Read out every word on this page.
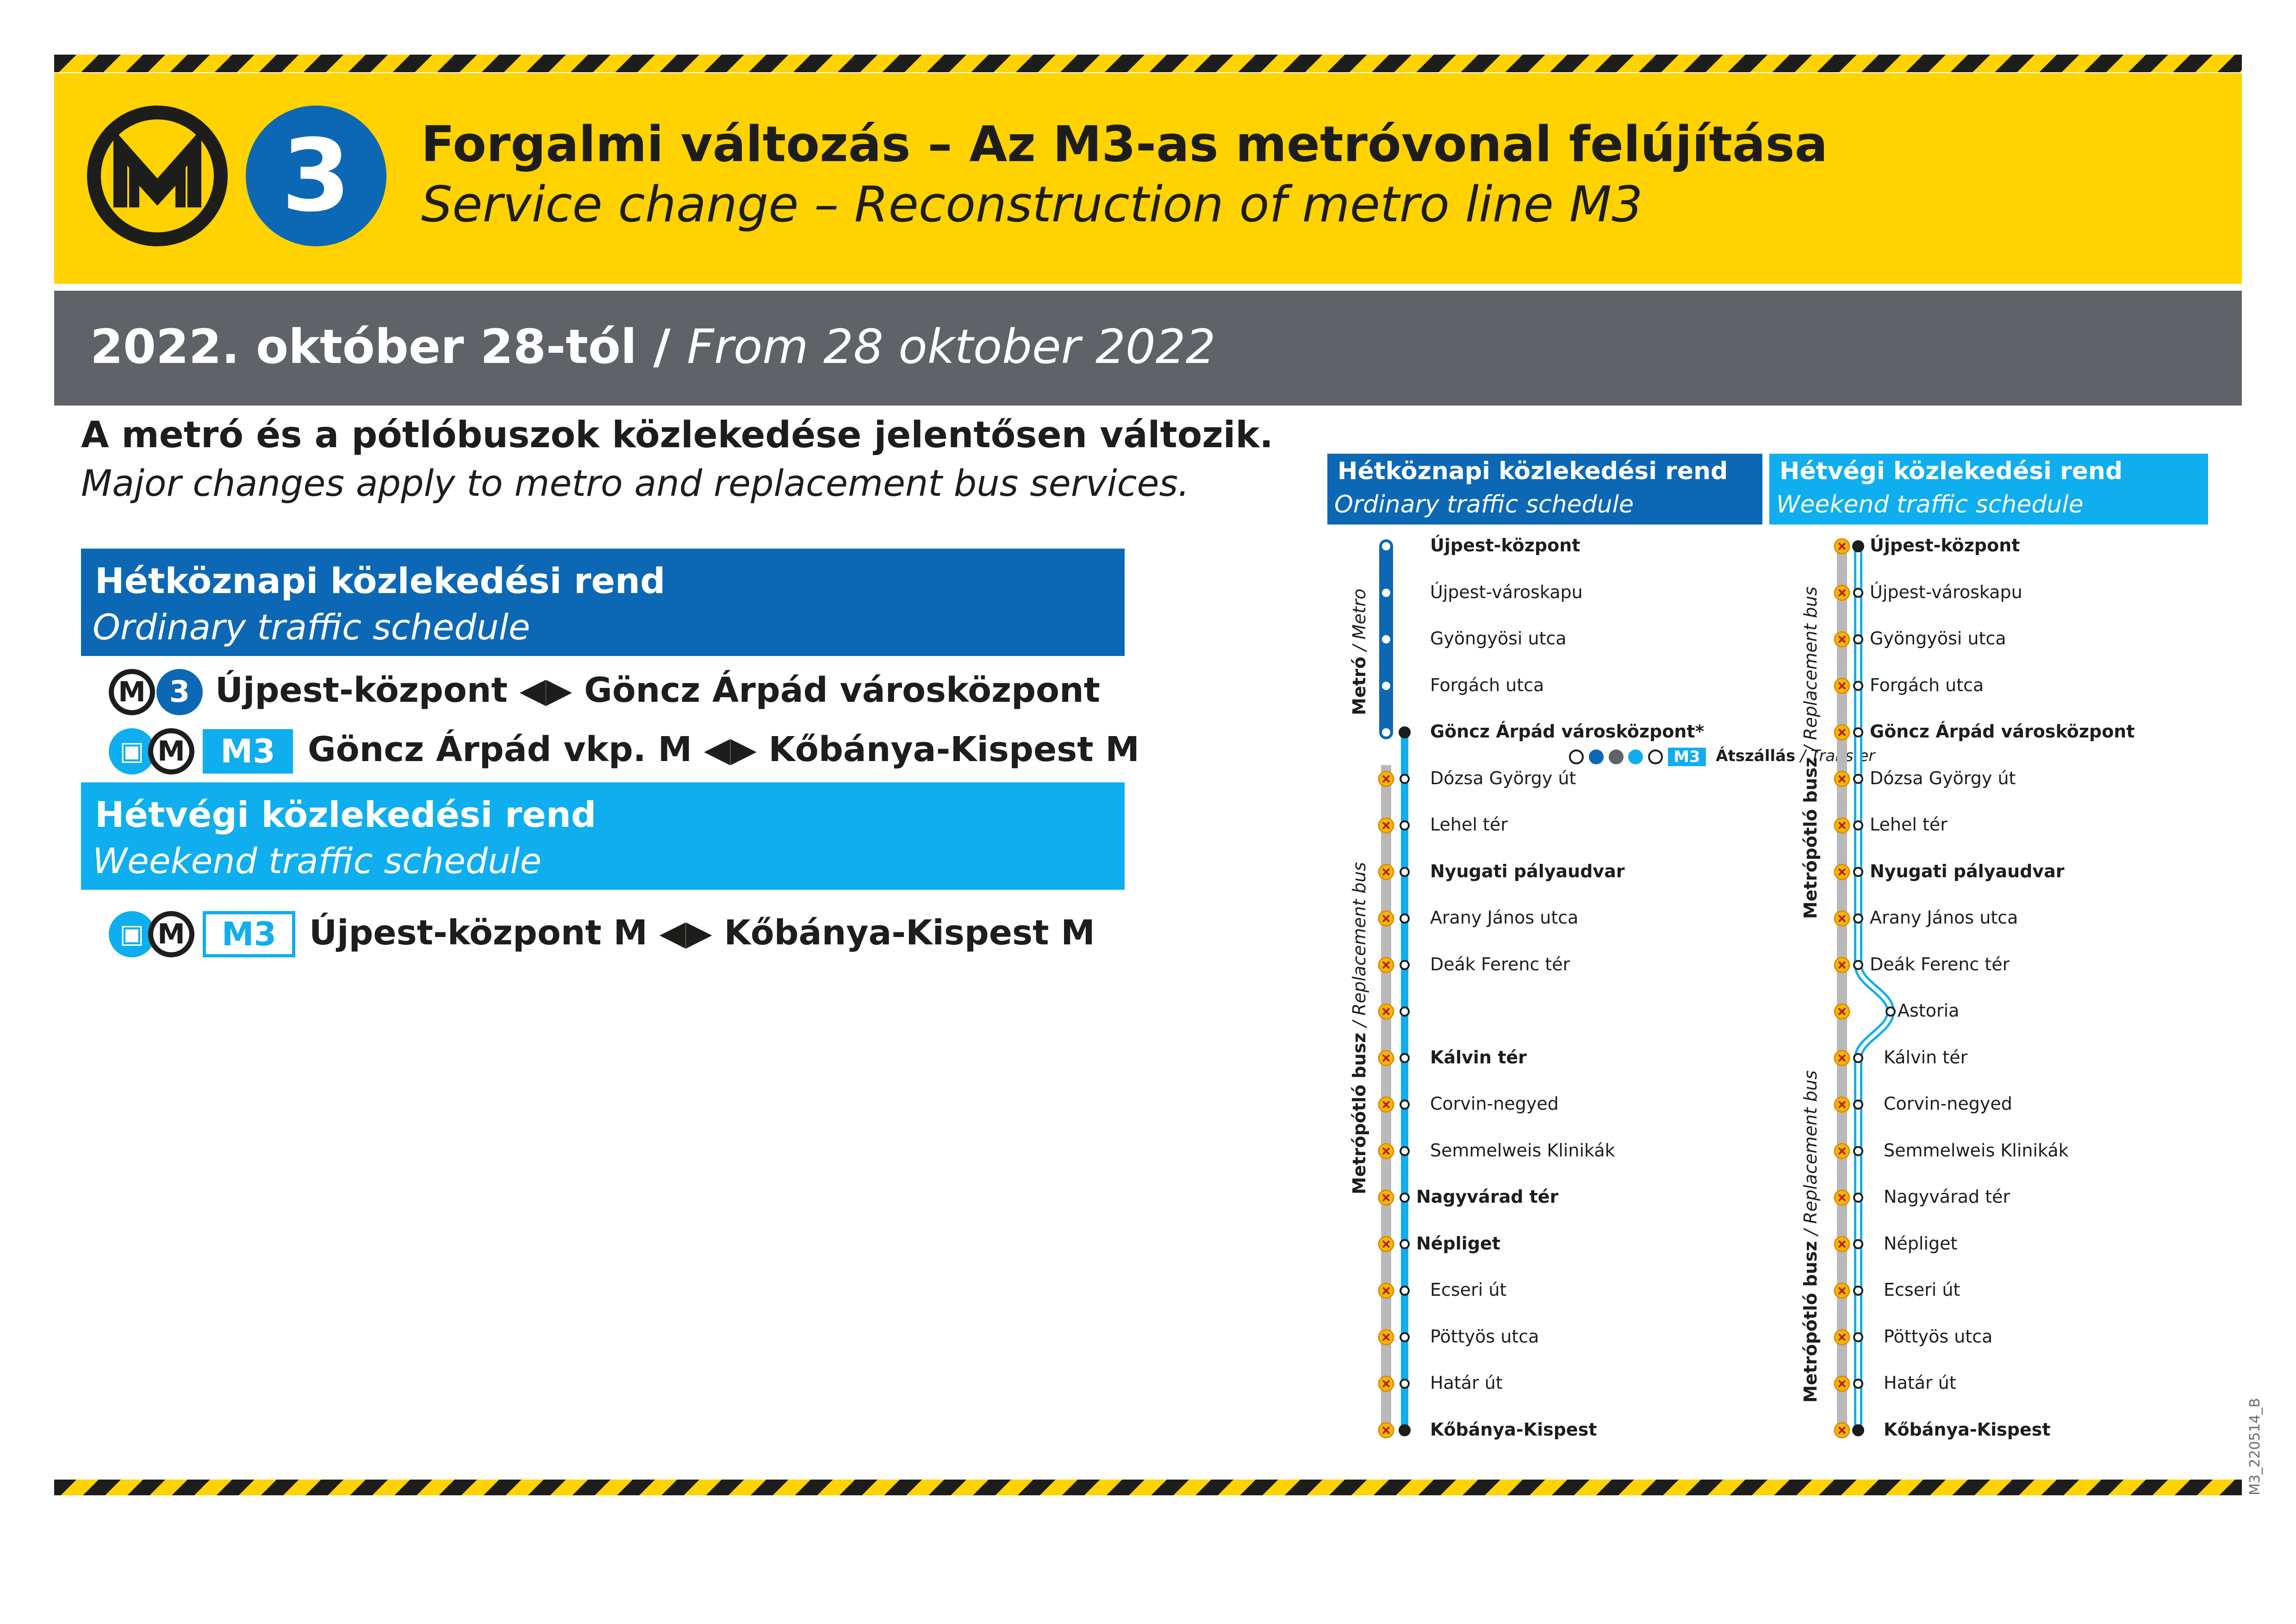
3	Forgalmi változás – Az M3-as metróvonal felújítása
Service change – Reconstruction of metro line M3
2022. október 28-tól / From 28 oktober 2022
A metró és a pótlóbuszok közlekedése jelentősen változik.
Major changes apply to metro and replacement bus services.
Hétköznapi közlekedési rend
Ordinary traffic schedule
M 3 Újpest-központ ◀▶ Göncz Árpád városközpont
▣ M	M3 Göncz Árpád vkp. M ◀▶ Kőbánya-Kispest M
Hétvégi közlekedési rend
Weekend traffic schedule
▣ M	M3 Újpest-központ M ◀▶ Kőbánya-Kispest M
Hétköznapi közlekedési rend
Ordinary traffic schedule
Hétvégi közlekedési rend
Weekend traffic schedule
Újpest-központ
Újpest-városkapu
Gyöngyösi utca
Forgách utca
Göncz Árpád városközpont*
Dózsa György út
Lehel tér
Nyugati pályaudvar
Arany János utca
Deák Ferenc tér
Kálvin tér
Corvin-negyed
Semmelweis Klinikák
Nagyvárad tér
Népliget
Ecseri út
Pöttyös utca
Határ út
Kőbánya-Kispest
Metró / Metro
Metrópótló busz / Replacement bus
M3 Átszállás / Transfer
Újpest-központ
Újpest-városkapu
Gyöngyösi utca
Forgách utca
Göncz Árpád városközpont
Dózsa György út
Lehel tér
Nyugati pályaudvar
Arany János utca
Deák Ferenc tér
Astoria
Kálvin tér
Corvin-negyed
Semmelweis Klinikák
Nagyvárad tér
Népliget
Ecseri út
Pöttyös utca
Határ út
Kőbánya-Kispest
Metrópótló busz / Replacement bus
Metrópótló busz / Replacement bus
M3_220514_B
